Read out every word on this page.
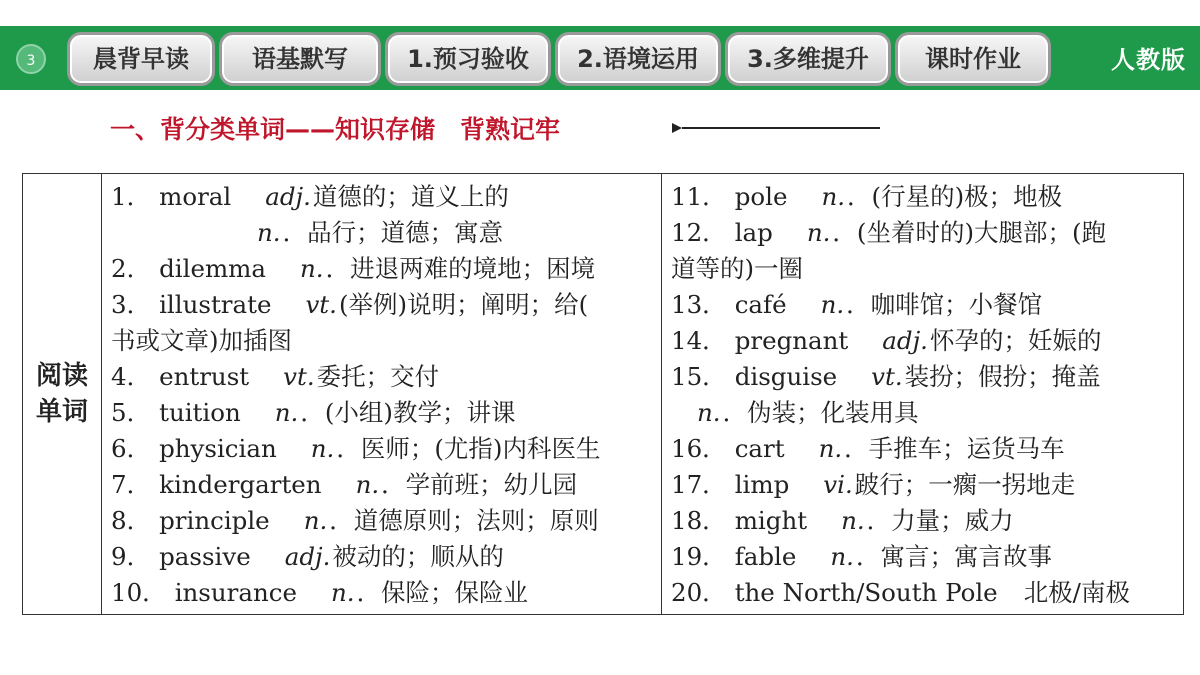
3	晨背早读	语基默写	1.预习验收	2.语境运用	3.多维提升	课时作业	人教版
一、背分类单词——知识存储　背熟记牢
阅读
单词

1． moral adj.道德的；道义上的
n.．品行；道德；寓意
2． dilemma n.．进退两难的境地；困境
3． illustrate vt.(举例)说明；阐明；给(
书或文章)加插图
4． entrust vt.委托；交付
5． tuition n.．(小组)教学；讲课
6． physician n.．医师；(尤指)内科医生
7． kindergarten n.．学前班；幼儿园
8． principle n.．道德原则；法则；原则
9． passive adj.被动的；顺从的
10． insurance n.．保险；保险业

11． pole n.．(行星的)极；地极
12． lap n.．(坐着时的)大腿部；(跑
道等的)一圈
13． café n.．咖啡馆；小餐馆
14． pregnant adj.怀孕的；妊娠的
15． disguise vt.装扮；假扮；掩盖
n.．伪装；化装用具
16． cart n.．手推车；运货马车
17． limp vi.跛行；一瘸一拐地走
18． might n.．力量；威力
19． fable n.．寓言；寓言故事
20． the North/South Pole 北极/南极
